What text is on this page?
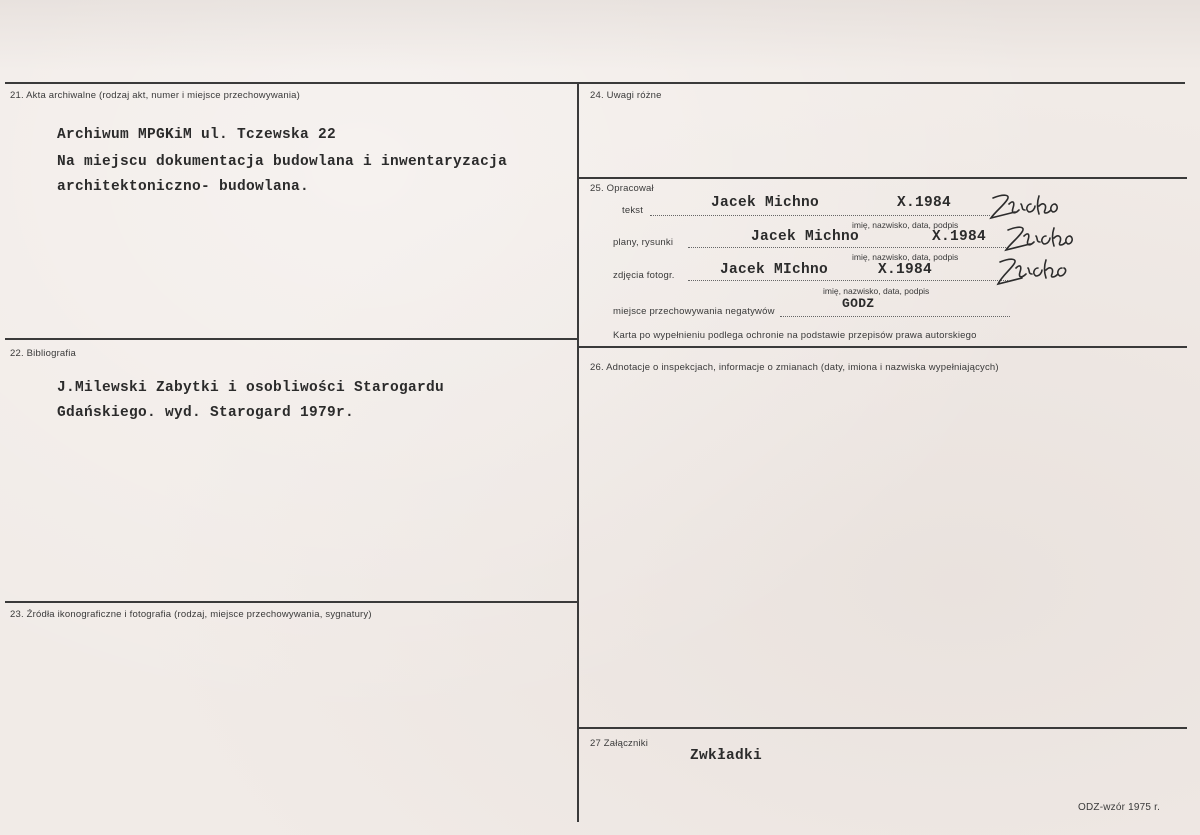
21. Akta archiwalne (rodzaj akt, numer i miejsce przechowywania)
Archiwum MPGKiM ul. Tczewska 22
Na miejscu dokumentacja budowlana i inwentaryzacja
architektoniczno- budowlana.
22. Bibliografia
J.Milewski Zabytki i osobliwości Starogardu
Gdańskiego. wyd. Starogard 1979r.
23. Źródła ikonograficzne i fotografia (rodzaj, miejsce przechowywania, sygnatury)
24. Uwagi różne
25. Opracował
tekst	Jacek Michno	X.1984
imię, nazwisko, data, podpis
plany, rysunki	Jacek Michno	X.1984
imię, nazwisko, data, podpis
zdjęcia fotogr.	Jacek MIchno	X.1984
imię, nazwisko, data, podpis
miejsce przechowywania negatywów
GODZ
Karta po wypełnieniu podlega ochronie na podstawie przepisów prawa autorskiego
26. Adnotacje o inspekcjach, informacje o zmianach (daty, imiona i nazwiska wypełniających)
27 Załączniki
Zwkładki
ODZ-wzór 1975 r.
